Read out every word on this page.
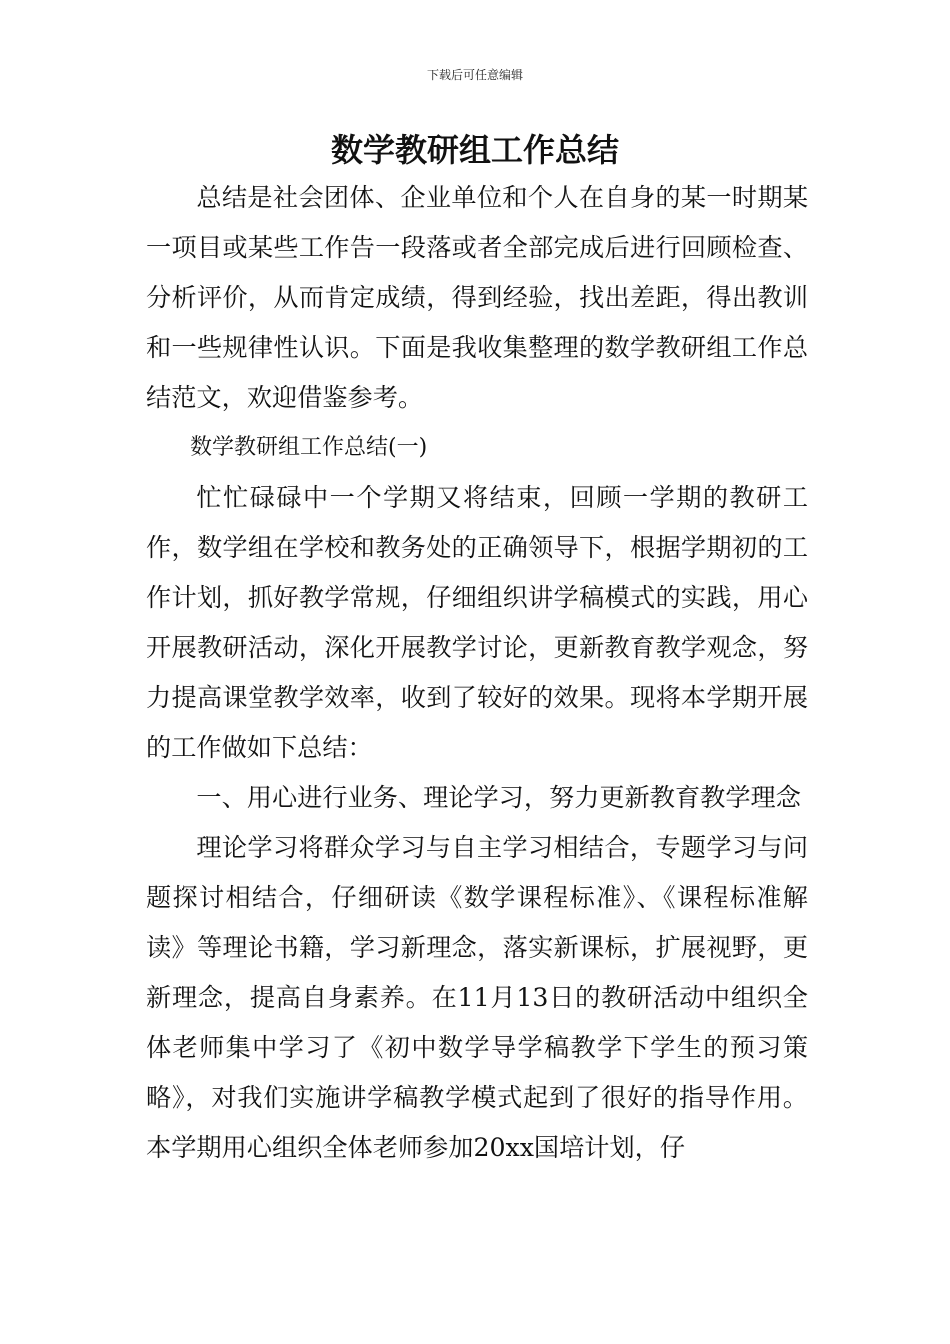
下载后可任意编辑
数学教研组工作总结

总结是社会团体、企业单位和个人在自身的某一时期某一项目或某些工作告一段落或者全部完成后进行回顾检查、分析评价，从而肯定成绩，得到经验，找出差距，得出教训和一些规律性认识。下面是我收集整理的数学教研组工作总结范文，欢迎借鉴参考。

数学教研组工作总结(一)

忙忙碌碌中一个学期又将结束，回顾一学期的教研工作，数学组在学校和教务处的正确领导下，根据学期初的工作计划，抓好教学常规，仔细组织讲学稿模式的实践，用心开展教研活动，深化开展教学讨论，更新教育教学观念，努力提高课堂教学效率，收到了较好的效果。现将本学期开展的工作做如下总结：

一、用心进行业务、理论学习，努力更新教育教学理念

理论学习将群众学习与自主学习相结合，专题学习与问题探讨相结合，仔细研读《数学课程标准》、《课程标准解读》等理论书籍，学习新理念，落实新课标，扩展视野，更新理念，提高自身素养。在11月13日的教研活动中组织全体老师集中学习了《初中数学导学稿教学下学生的预习策略》，对我们实施讲学稿教学模式起到了很好的指导作用。本学期用心组织全体老师参加20xx国培计划，仔
